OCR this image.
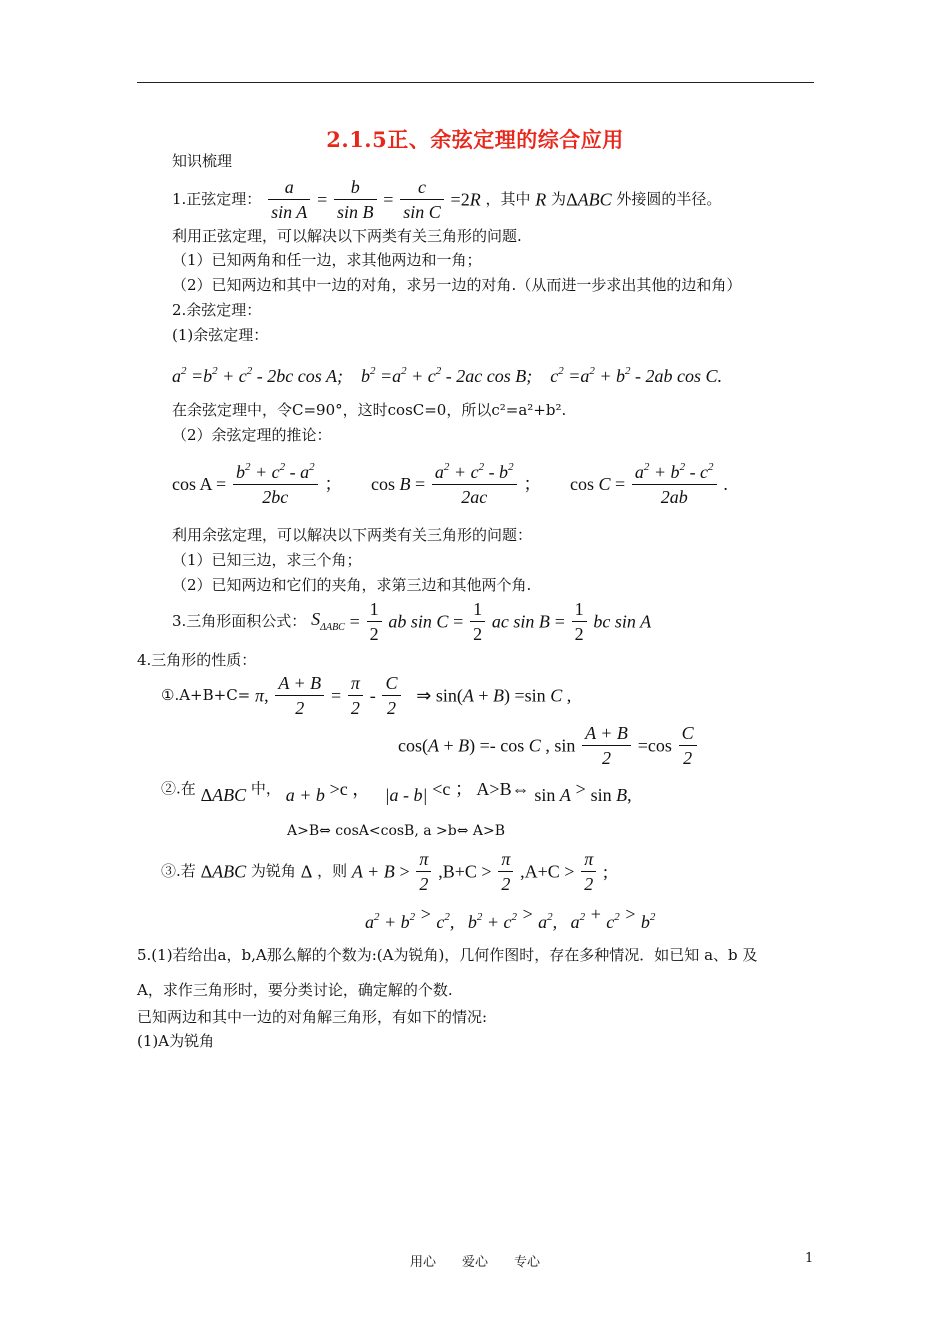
2.1.5正、余弦定理的综合应用
知识梳理
1.正弦定理： $\frac{a}{\text{sin A}} = \frac{b}{\text{sin B}} = \frac{c}{\text{sin C}} =2R$ ，其中 R 为ΔABC 外接圆的半径。
利用正弦定理，可以解决以下两类有关三角形的问题.
（1）已知两角和任一边，求其他两边和一角；
（2）已知两边和其中一边的对角，求另一边的对角.（从而进一步求出其他的边和角）
2.余弦定理：
(1)余弦定理：
$a^2 =b^2 + c^2 - 2bc$ cos A;    $b^2 =a^2 + c^2 - 2ac$ cos B;    $c^2 =a^2 + b^2 - 2ab$ cos C.
在余弦定理中，令C=90°，这时cosC=0，所以c²=a²+b².
（2）余弦定理的推论：
$\cos A = \frac{b^2 + c^2 - a^2}{2bc}$ ； $\cos B = \frac{a^2 + c^2 - b^2}{2ac}$ ； $\cos C = \frac{a^2 + b^2 - c^2}{2ab}$ .
利用余弦定理，可以解决以下两类有关三角形的问题：
（1）已知三边，求三个角；
（2）已知两边和它们的夹角，求第三边和其他两个角.
3.三角形面积公式： $S_{\Delta ABC} = \frac{1}{2}$ ab $\sin C = \frac{1}{2}$ ac $\sin B = \frac{1}{2}$ bc sin A
4.三角形的性质：
①.A+B+C= π, $\frac{A + B}{2} = \frac{\pi}{2} - \frac{C}{2}$ ⇒ sin(A + B) =sin C ,
cos(A + B) =- cos C , $\sin \frac{A + B}{2} =\cos \frac{C}{2}$
②.在 ΔABC 中， a + b >c ， |a - b| <c ； A>B⇔ sin A > sin B,
A>B⇔ cosA<cosB, a >b⇔ A>B
③.若 ΔABC 为锐角 Δ ，则 $A + B > \frac{\pi}{2} ,B+C > \frac{\pi}{2} ,A+C > \frac{\pi}{2}$ ;
$a^2 + b^2 > c^2$,   $b^2 + c^2 > a^2$,   $a^2 + c^2 > b^2$
5.(1)若给出a，b,A那么解的个数为:(A为锐角)，几何作图时，存在多种情况．如已知 a、b 及
A，求作三角形时，要分类讨论，确定解的个数.
已知两边和其中一边的对角解三角形，有如下的情况:
(1)A为锐角
用心　　爱心　　专心	1
